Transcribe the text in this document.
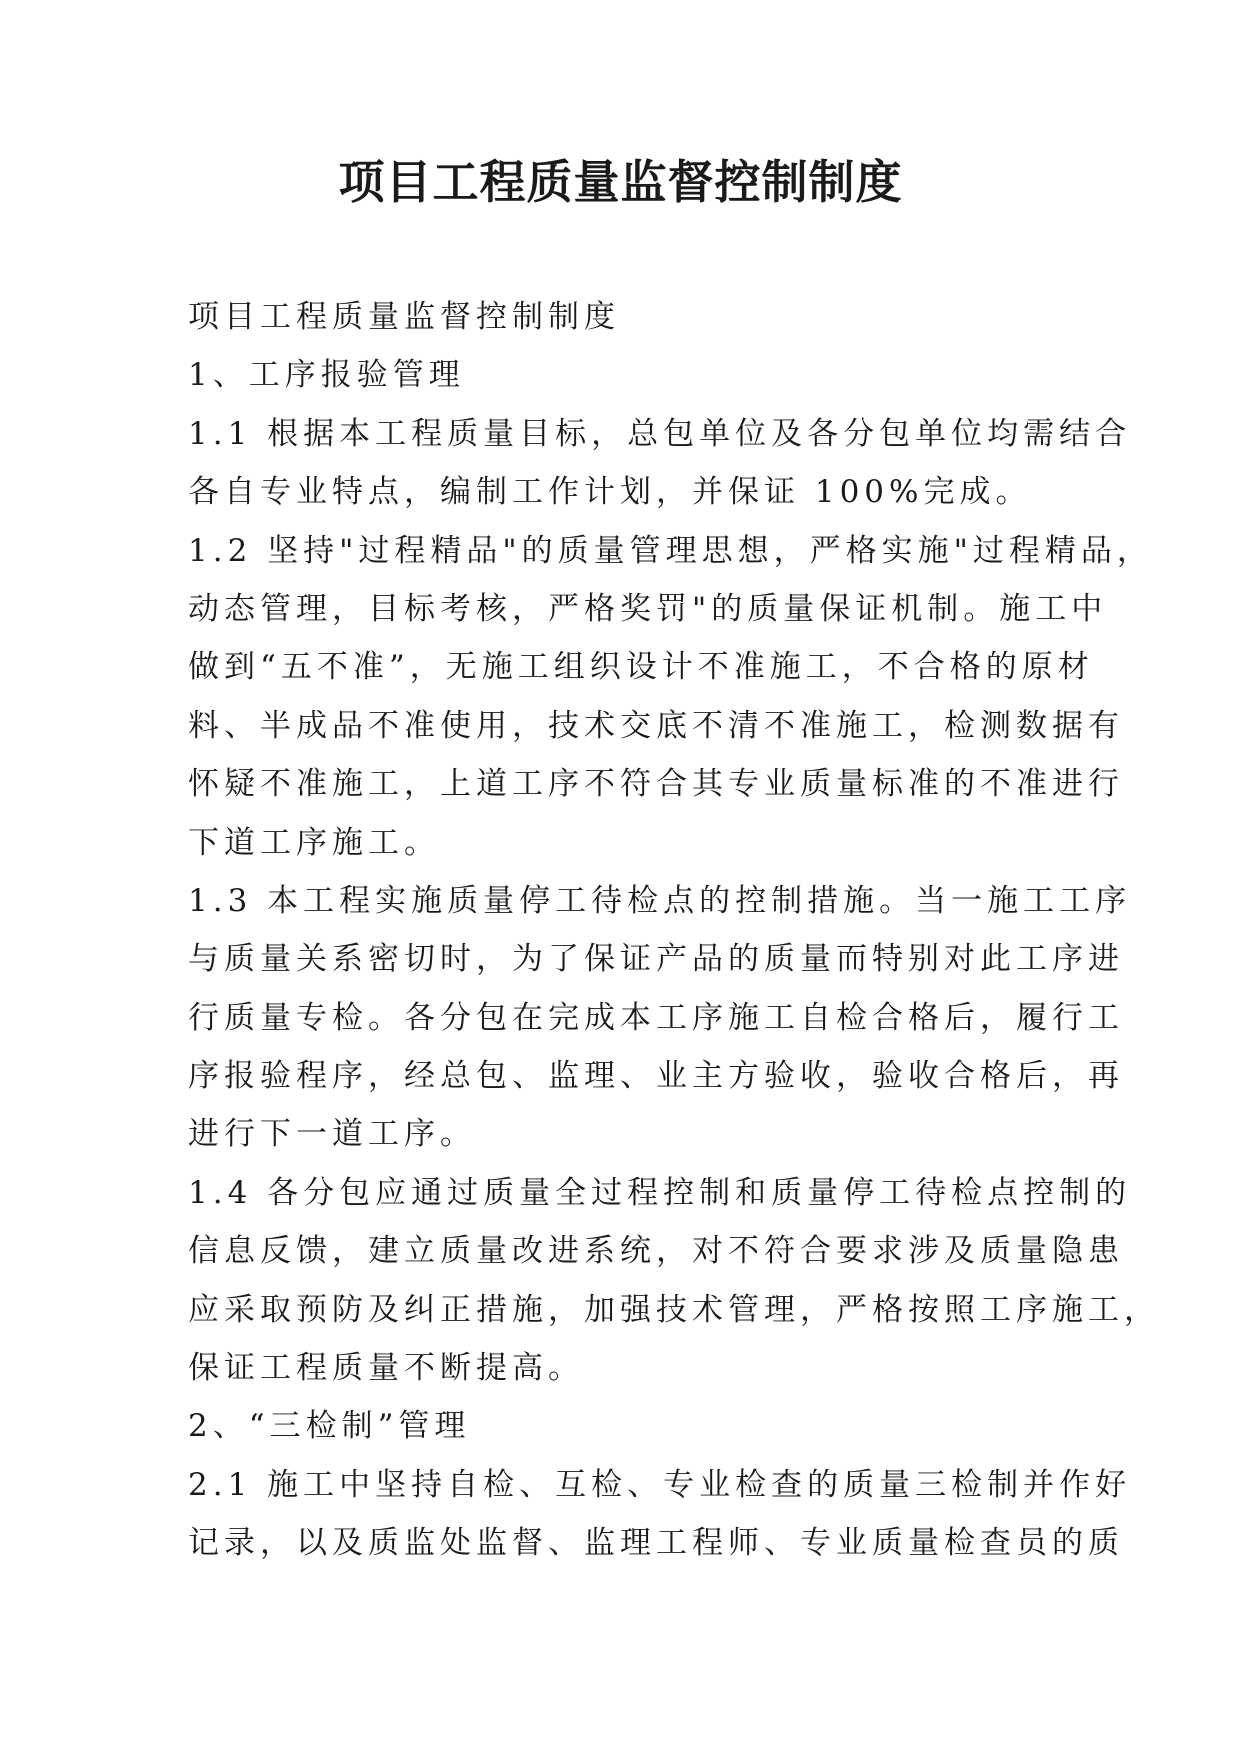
项目工程质量监督控制制度

项目工程质量监督控制制度

1、工序报验管理

1.1 根据本工程质量目标，总包单位及各分包单位均需结合

各自专业特点，编制工作计划，并保证 100%完成。

1.2 坚持"过程精品"的质量管理思想，严格实施"过程精品，

动态管理，目标考核，严格奖罚"的质量保证机制。施工中

做到“五不准”，无施工组织设计不准施工，不合格的原材

料、半成品不准使用，技术交底不清不准施工，检测数据有

怀疑不准施工，上道工序不符合其专业质量标准的不准进行

下道工序施工。

1.3 本工程实施质量停工待检点的控制措施。当一施工工序

与质量关系密切时，为了保证产品的质量而特别对此工序进

行质量专检。各分包在完成本工序施工自检合格后，履行工

序报验程序，经总包、监理、业主方验收，验收合格后，再

进行下一道工序。

1.4 各分包应通过质量全过程控制和质量停工待检点控制的

信息反馈，建立质量改进系统，对不符合要求涉及质量隐患

应采取预防及纠正措施，加强技术管理，严格按照工序施工，

保证工程质量不断提高。

2、“三检制”管理

2.1 施工中坚持自检、互检、专业检查的质量三检制并作好

记录，以及质监处监督、监理工程师、专业质量检查员的质
